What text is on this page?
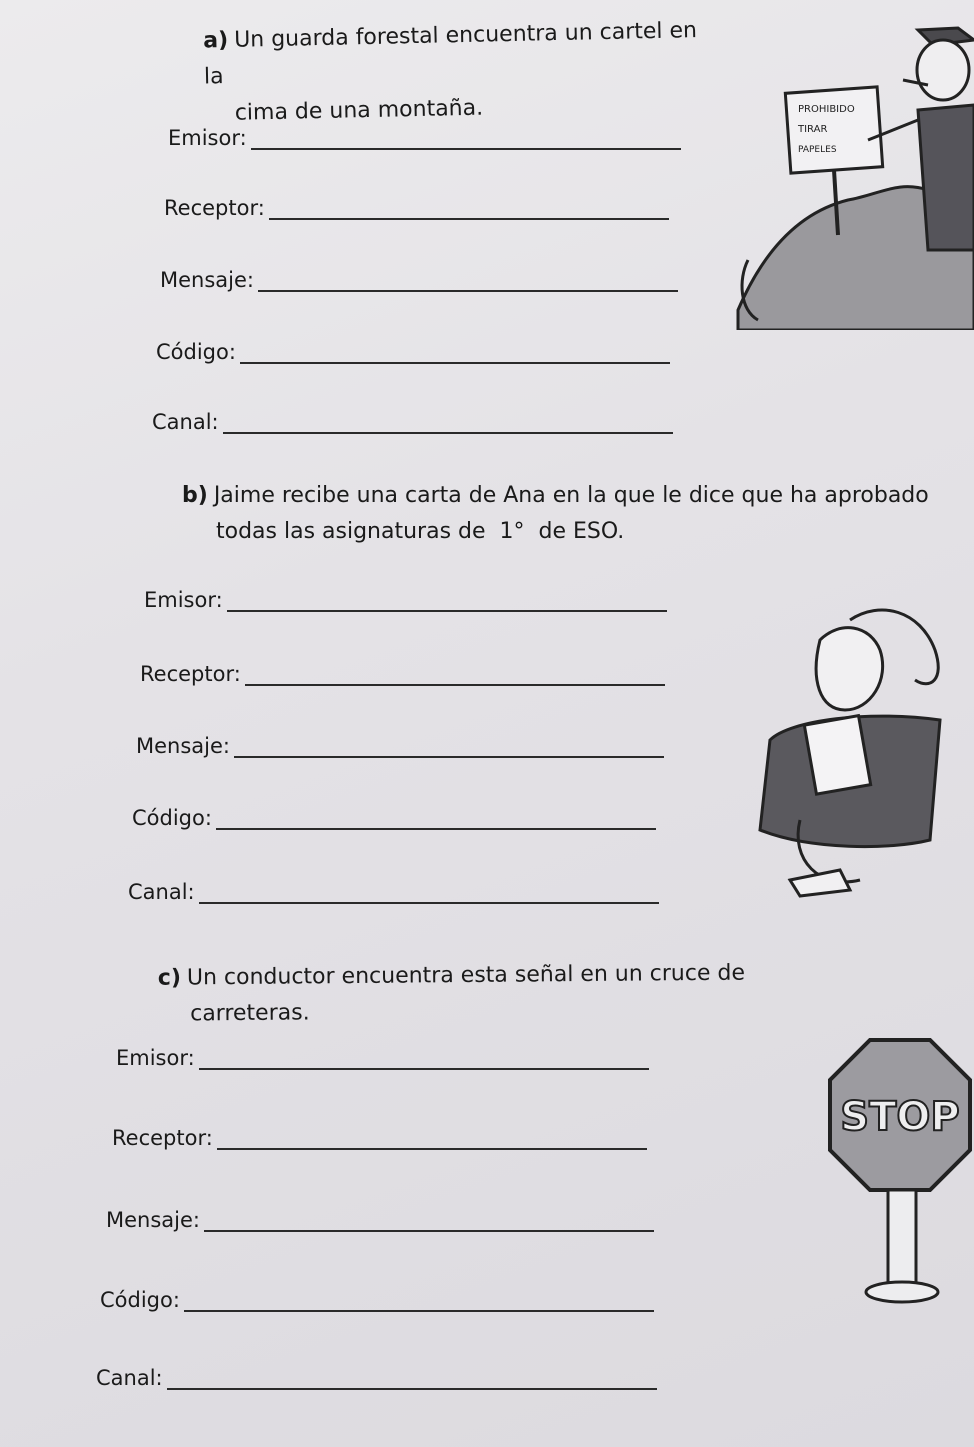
a) Un guarda forestal encuentra un cartel en la
cima de una montaña.
Emisor:
Receptor:
Mensaje:
Código:
Canal:
PROHIBIDO
TIRAR
PAPELES
b) Jaime recibe una carta de Ana en la que le dice que ha aprobado
todas las asignaturas de  1°  de ESO.
Emisor:
Receptor:
Mensaje:
Código:
Canal:
c) Un conductor encuentra esta señal en un cruce de
carreteras.
Emisor:
Receptor:
Mensaje:
Código:
Canal:
STOP
